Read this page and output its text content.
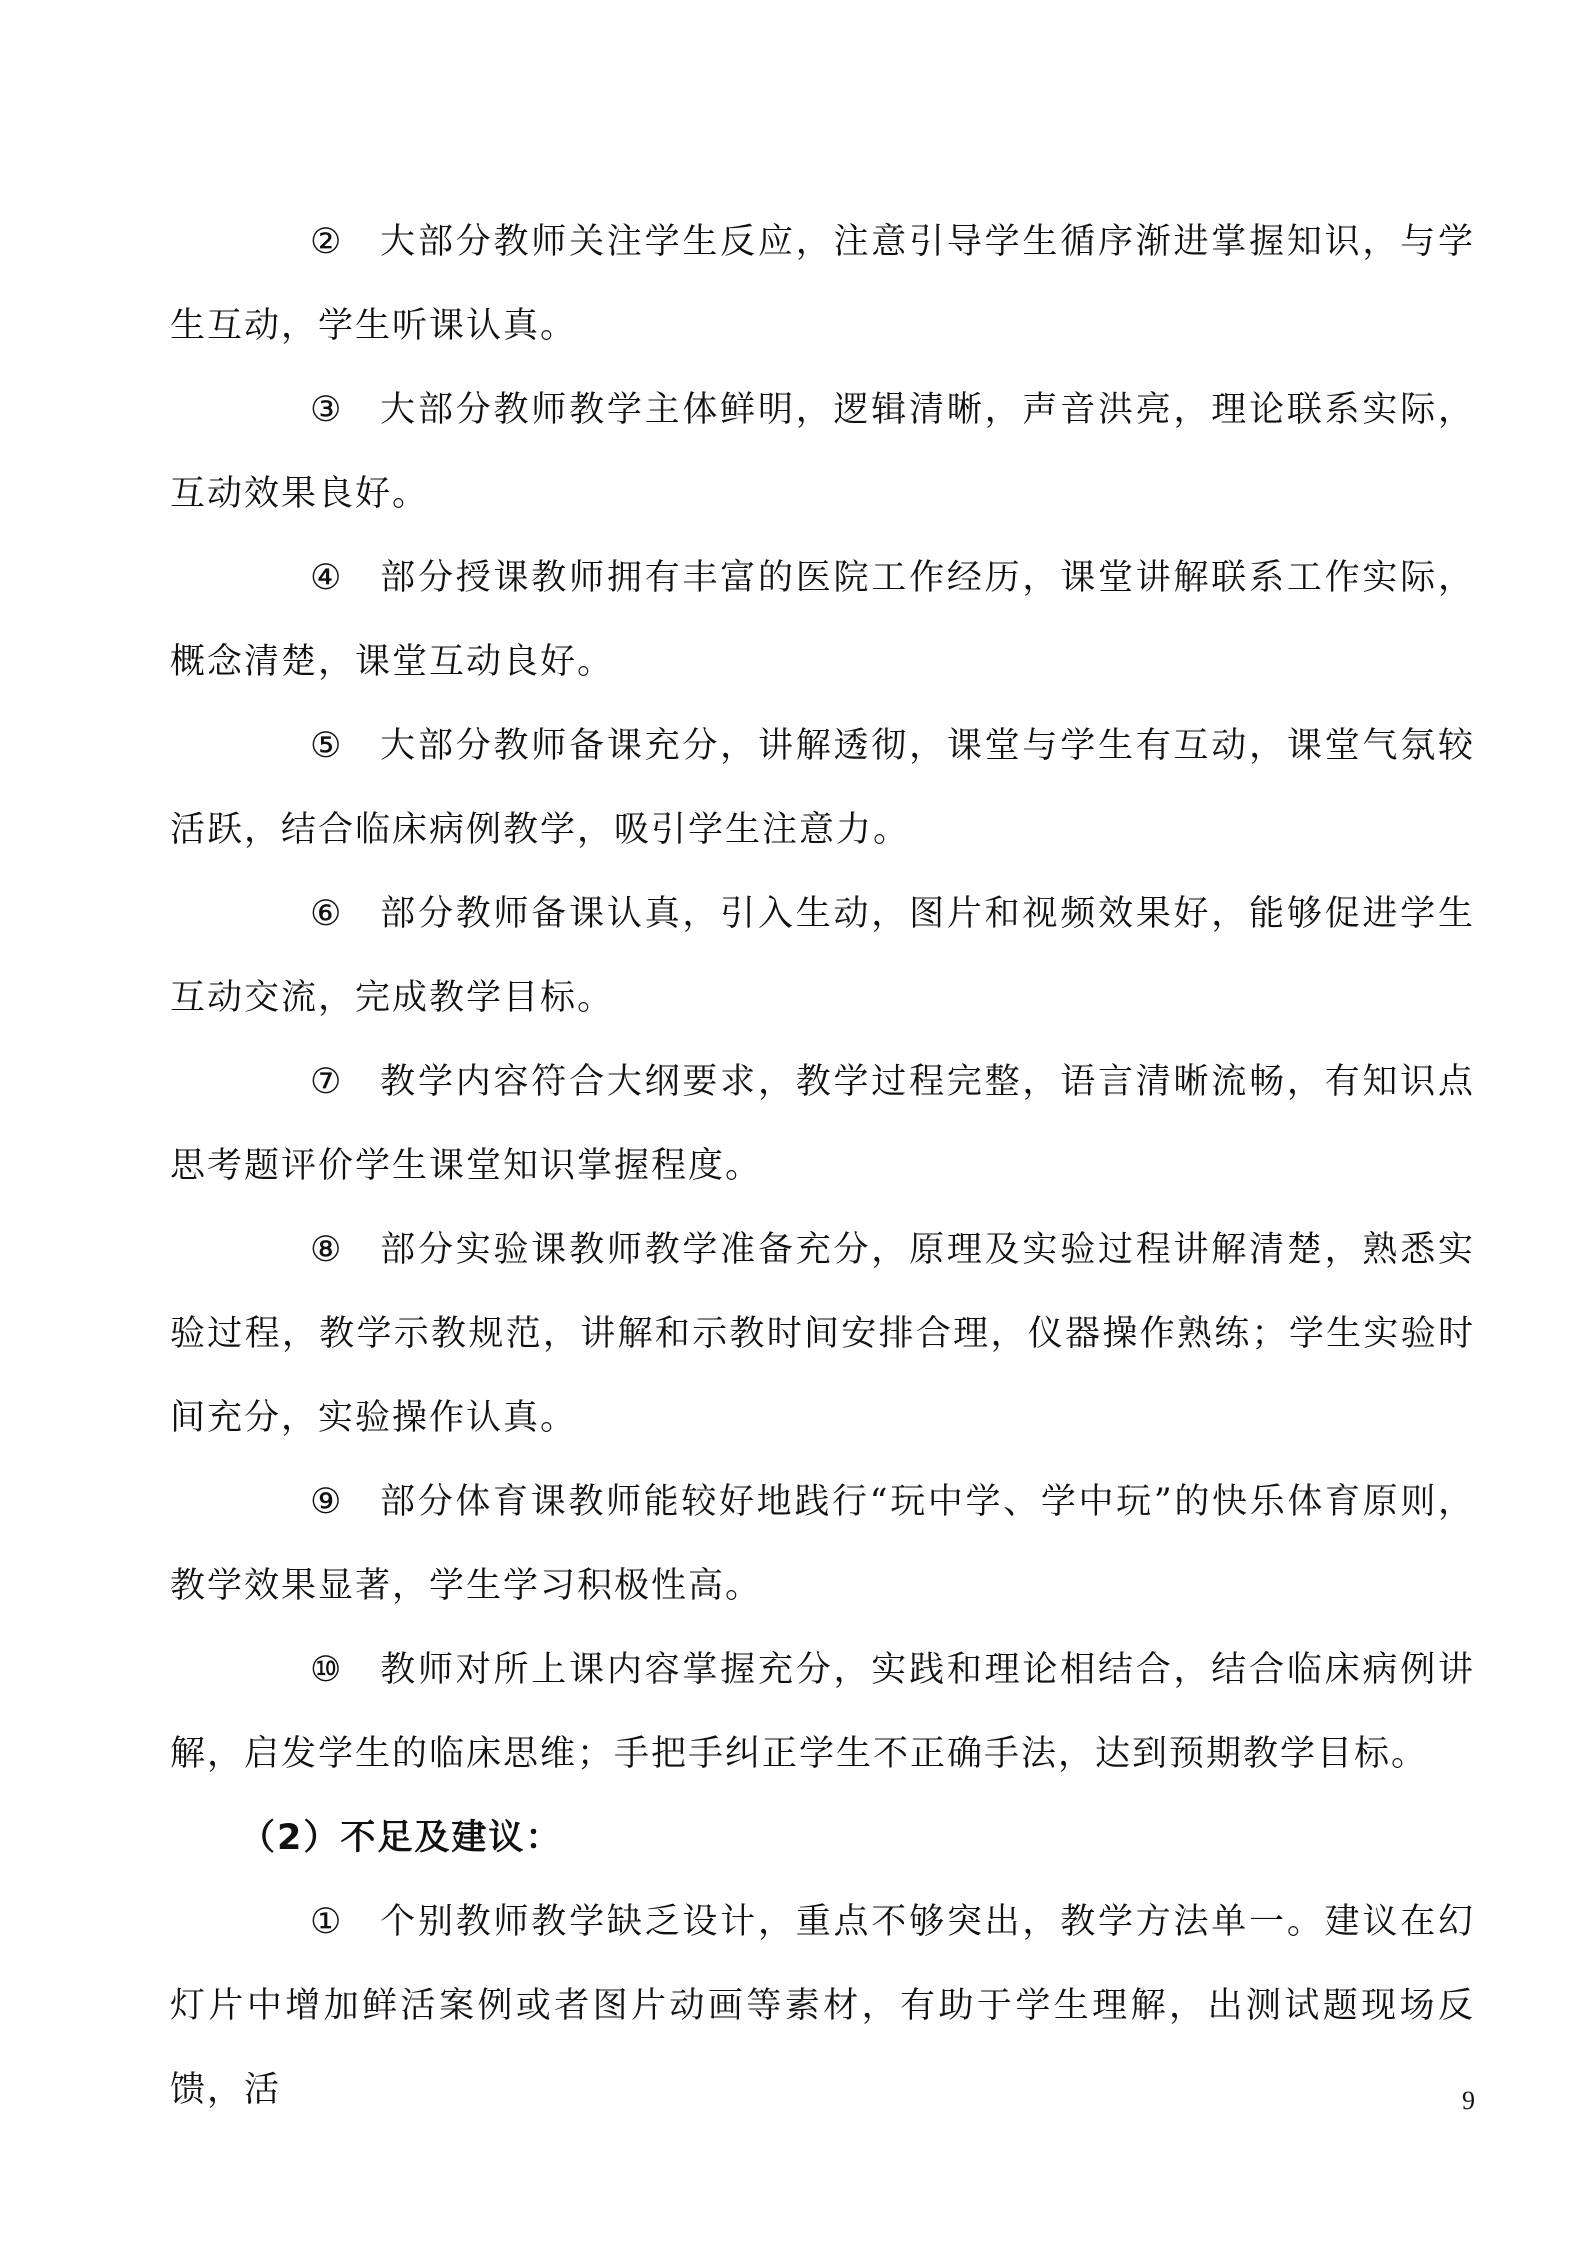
② 大部分教师关注学生反应，注意引导学生循序渐进掌握知识，与学生互动，学生听课认真。

③ 大部分教师教学主体鲜明，逻辑清晰，声音洪亮，理论联系实际，互动效果良好。

④ 部分授课教师拥有丰富的医院工作经历，课堂讲解联系工作实际，概念清楚，课堂互动良好。

⑤ 大部分教师备课充分，讲解透彻，课堂与学生有互动，课堂气氛较活跃，结合临床病例教学，吸引学生注意力。

⑥ 部分教师备课认真，引入生动，图片和视频效果好，能够促进学生互动交流，完成教学目标。

⑦ 教学内容符合大纲要求，教学过程完整，语言清晰流畅，有知识点思考题评价学生课堂知识掌握程度。

⑧ 部分实验课教师教学准备充分，原理及实验过程讲解清楚，熟悉实验过程，教学示教规范，讲解和示教时间安排合理，仪器操作熟练；学生实验时间充分，实验操作认真。

⑨ 部分体育课教师能较好地践行“玩中学、学中玩”的快乐体育原则，教学效果显著，学生学习积极性高。

⑩ 教师对所上课内容掌握充分，实践和理论相结合，结合临床病例讲解，启发学生的临床思维；手把手纠正学生不正确手法，达到预期教学目标。

（2）不足及建议：

① 个别教师教学缺乏设计，重点不够突出，教学方法单一。建议在幻灯片中增加鲜活案例或者图片动画等素材，有助于学生理解，出测试题现场反馈，活	9
